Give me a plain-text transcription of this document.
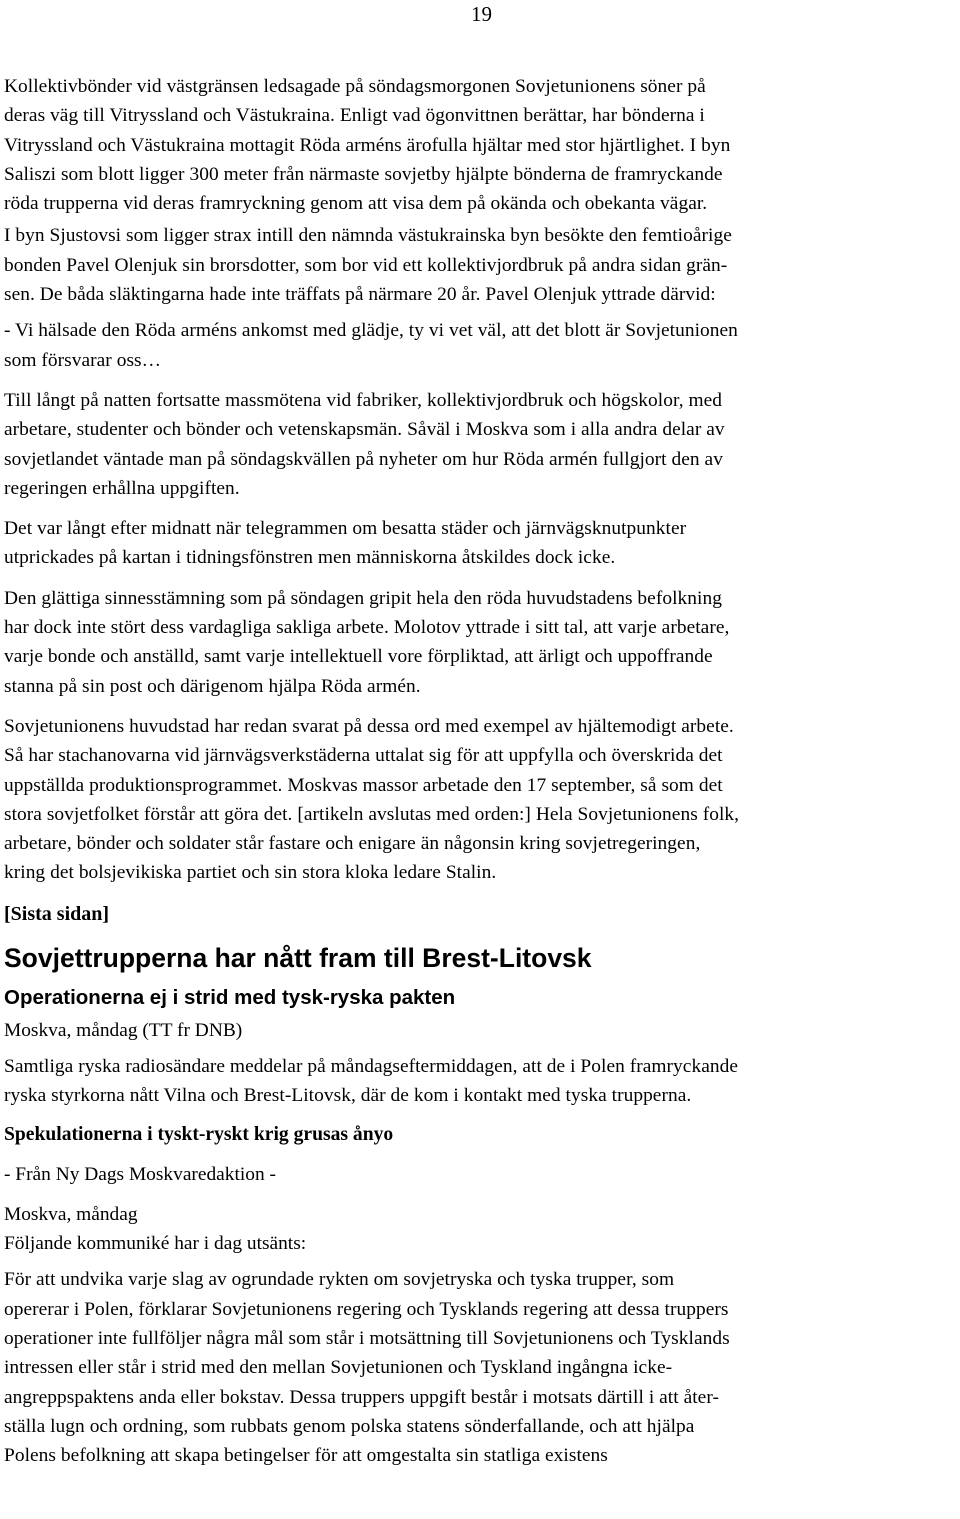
19
Kollektivbönder vid västgränsen ledsagade på söndagsmorgonen Sovjetunionens söner på
deras väg till Vitryssland och Västukraina. Enligt vad ögonvittnen berättar, har bönderna i
Vitryssland och Västukraina mottagit Röda arméns ärofulla hjältar med stor hjärtlighet. I byn
Saliszi som blott ligger 300 meter från närmaste sovjetby hjälpte bönderna de framryckande
röda trupperna vid deras framryckning genom att visa dem på okända och obekanta vägar.
I byn Sjustovsi som ligger strax intill den nämnda västukrainska byn besökte den femtioårige
bonden Pavel Olenjuk sin brorsdotter, som bor vid ett kollektivjordbruk på andra sidan grän-
sen. De båda släktingarna hade inte träffats på närmare 20 år. Pavel Olenjuk yttrade därvid:
- Vi hälsade den Röda arméns ankomst med glädje, ty vi vet väl, att det blott är Sovjetunionen
som försvarar oss…
Till långt på natten fortsatte massmötena vid fabriker, kollektivjordbruk och högskolor, med
arbetare, studenter och bönder och vetenskapsmän. Såväl i Moskva som i alla andra delar av
sovjetlandet väntade man på söndagskvällen på nyheter om hur Röda armén fullgjort den av
regeringen erhållna uppgiften.
Det var långt efter midnatt när telegrammen om besatta städer och järnvägsknutpunkter
utprickades på kartan i tidningsfönstren men människorna åtskildes dock icke.
Den glättiga sinnesstämning som på söndagen gripit hela den röda huvudstadens befolkning
har dock inte stört dess vardagliga sakliga arbete. Molotov yttrade i sitt tal, att varje arbetare,
varje bonde och anställd, samt varje intellektuell vore förpliktad, att ärligt och uppoffrande
stanna på sin post och därigenom hjälpa Röda armén.
Sovjetunionens huvudstad har redan svarat på dessa ord med exempel av hjältemodigt arbete.
Så har stachanovarna vid järnvägsverkstäderna uttalat sig för att uppfylla och överskrida det
uppställda produktionsprogrammet. Moskvas massor arbetade den 17 september, så som det
stora sovjetfolket förstår att göra det. [artikeln avslutas med orden:] Hela Sovjetunionens folk,
arbetare, bönder och soldater står fastare och enigare än någonsin kring sovjetregeringen,
kring det bolsjevikiska partiet och sin stora kloka ledare Stalin.
[Sista sidan]
Sovjettrupperna har nått fram till Brest-Litovsk
Operationerna ej i strid med tysk-ryska pakten
Moskva, måndag (TT fr DNB)
Samtliga ryska radiosändare meddelar på måndagseftermiddagen, att de i Polen framryckande
ryska styrkorna nått Vilna och Brest-Litovsk, där de kom i kontakt med tyska trupperna.
Spekulationerna i tyskt-ryskt krig grusas ånyo
- Från Ny Dags Moskvaredaktion -
Moskva, måndag
Följande kommuniké har i dag utsänts:
För att undvika varje slag av ogrundade rykten om sovjetryska och tyska trupper, som
opererar i Polen, förklarar Sovjetunionens regering och Tysklands regering att dessa truppers
operationer inte fullföljer några mål som står i motsättning till Sovjetunionens och Tysklands
intressen eller står i strid med den mellan Sovjetunionen och Tyskland ingångna icke-
angreppspaktens anda eller bokstav. Dessa truppers uppgift består i motsats därtill i att åter-
ställa lugn och ordning, som rubbats genom polska statens sönderfallande, och att hjälpa
Polens befolkning att skapa betingelser för att omgestalta sin statliga existens
